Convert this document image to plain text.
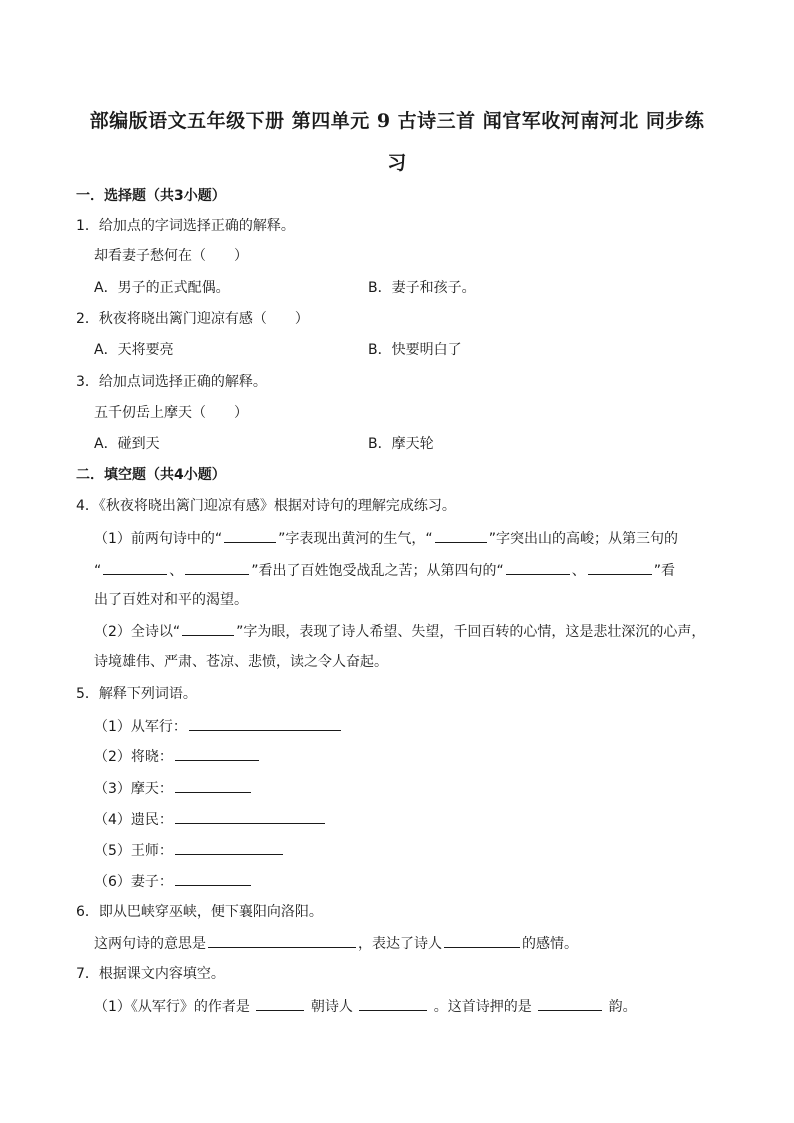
部编版语文五年级下册 第四单元 9 古诗三首 闻官军收河南河北 同步练
习
一．选择题（共3小题）
1．给加点的字词选择正确的解释。
却看妻子愁何在（　　）
A．男子的正式配偶。	B．妻子和孩子。
2．秋夜将晓出篱门迎凉有感（　　）
A．天将要亮	B．快要明白了
3．给加点词选择正确的解释。
五千仞岳上摩天（　　）
A．碰到天	B．摩天轮
二．填空题（共4小题）
4．《秋夜将晓出篱门迎凉有感》根据对诗句的理解完成练习。
（1）前两句诗中的“	”字表现出黄河的生气，“	”字突出山的高峻；从第三句的
“	、	”看出了百姓饱受战乱之苦；从第四句的“	、	”看
出了百姓对和平的渴望。
（2）全诗以“	”字为眼，表现了诗人希望、失望，千回百转的心情，这是悲壮深沉的心声，
诗境雄伟、严肃、苍凉、悲愤，读之令人奋起。
5．解释下列词语。
（1）从军行：
（2）将晓：
（3）摩天：
（4）遗民：
（5）王师：
（6）妻子：
6．即从巴峡穿巫峡，便下襄阳向洛阳。
这两句诗的意思是	，表达了诗人	的感情。
7．根据课文内容填空。
（1）《从军行》的作者是	朝诗人	。这首诗押的是	韵。
